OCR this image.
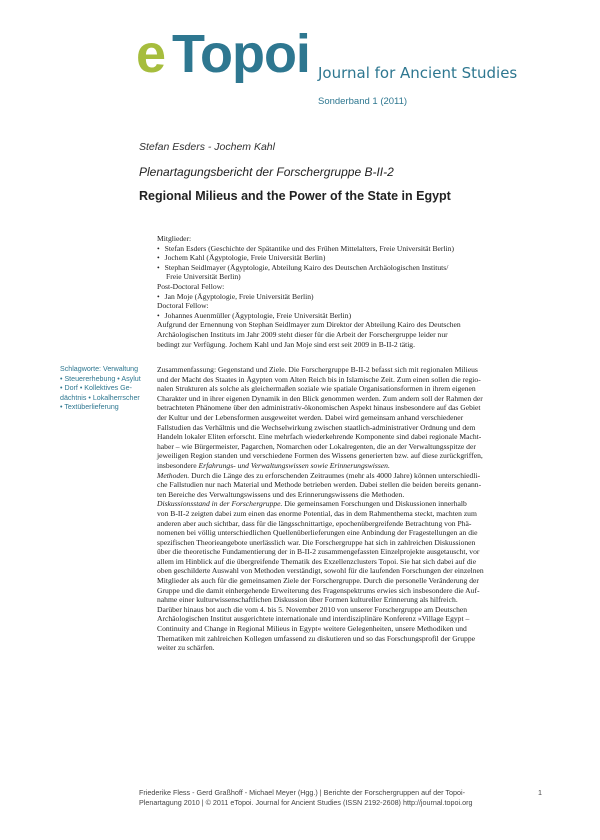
e Topoi Journal for Ancient Studies
Sonderband 1 (2011)
Stefan Esders - Jochem Kahl
Plenartagungsbericht der Forschergruppe B-II-2
Regional Milieus and the Power of the State in Egypt
Mitglieder:
• Stefan Esders (Geschichte der Spätantike und des Frühen Mittelalters, Freie Universität Berlin)
• Jochem Kahl (Ägyptologie, Freie Universität Berlin)
• Stephan Seidlmayer (Ägyptologie, Abteilung Kairo des Deutschen Archäologischen Instituts/
Freie Universität Berlin)
Post-Doctoral Fellow:
• Jan Moje (Ägyptologie, Freie Universität Berlin)
Doctoral Fellow:
• Johannes Auenmüller (Ägyptologie, Freie Universität Berlin)
Aufgrund der Ernennung von Stephan Seidlmayer zum Direktor der Abteilung Kairo des Deutschen
Archäologischen Instituts im Jahr 2009 steht dieser für die Arbeit der Forschergruppe leider nur
bedingt zur Verfügung. Jochem Kahl und Jan Moje sind erst seit 2009 in B-II-2 tätig.
Schlagworte: Verwaltung
• Steuererhebung • Asylut
• Dorf • Kollektives Ge-
dächtnis • Lokalherrscher
• Textüberlieferung
Zusammenfassung: Gegenstand und Ziele. Die Forschergruppe B-II-2 befasst sich mit regionalen Milieus
und der Macht des Staates in Ägypten vom Alten Reich bis in Islamische Zeit. Zum einen sollen die regio-
nalen Strukturen als solche als gleichermaßen soziale wie spatiale Organisationsformen in ihrem eigenen
Charakter und in ihrer eigenen Dynamik in den Blick genommen werden. Zum andern soll der Rahmen der
betrachteten Phänomene über den administrativ-ökonomischen Aspekt hinaus insbesondere auf das Gebiet
der Kultur und der Lebensformen ausgeweitet werden. Dabei wird gemeinsam anhand verschiedener
Fallstudien das Verhältnis und die Wechselwirkung zwischen staatlich-administrativer Ordnung und dem
Handeln lokaler Eliten erforscht. Eine mehrfach wiederkehrende Komponente sind dabei regionale Macht-
haber – wie Bürgermeister, Pagarchen, Nomarchen oder Lokalregenten, die an der Verwaltungsspitze der
jeweiligen Region standen und verschiedene Formen des Wissens generierten bzw. auf diese zurückgriffen,
insbesondere Erfahrungs- und Verwaltungswissen sowie Erinnerungswissen.
Methoden. Durch die Länge des zu erforschenden Zeitraumes (mehr als 4000 Jahre) können unterschiedli-
che Fallstudien nur nach Material und Methode betrieben werden. Dabei stellen die beiden bereits genann-
ten Bereiche des Verwaltungswissens und des Erinnerungswissens die Methoden.
Diskussionsstand in der Forschergruppe. Die gemeinsamen Forschungen und Diskussionen innerhalb
von B-II-2 zeigten dabei zum einen das enorme Potential, das in dem Rahmenthema steckt, machten zum
anderen aber auch sichtbar, dass für die längsschnittartige, epochenübergreifende Betrachtung von Phä-
nomenen bei völlig unterschiedlichen Quellenüberlieferungen eine Anbindung der Fragestellungen an die
spezifischen Theorieangebote unerlässlich war. Die Forschergruppe hat sich in zahlreichen Diskussionen
über die theoretische Fundamentierung der in B-II-2 zusammengefassten Einzelprojekte ausgetauscht, vor
allem im Hinblick auf die übergreifende Thematik des Exzellenzclusters Topoi. Sie hat sich dabei auf die
oben geschilderte Auswahl von Methoden verständigt, sowohl für die laufenden Forschungen der einzelnen
Mitglieder als auch für die gemeinsamen Ziele der Forschergruppe. Durch die personelle Veränderung der
Gruppe und die damit einhergehende Erweiterung des Fragenspektrums erwies sich insbesondere die Auf-
nahme einer kulturwissenschaftlichen Diskussion über Formen kultureller Erinnerung als hilfreich.
Darüber hinaus bot auch die vom 4. bis 5. November 2010 von unserer Forschergruppe am Deutschen
Archäologischen Institut ausgerichtete internationale und interdisziplinäre Konferenz »Village Egypt –
Continuity and Change in Regional Milieus in Egypt« weitere Gelegenheiten, unsere Methodiken und
Thematiken mit zahlreichen Kollegen umfassend zu diskutieren und so das Forschungsprofil der Gruppe
weiter zu schärfen.
Friederike Fless - Gerd Graßhoff - Michael Meyer (Hgg.) | Berichte der Forschergruppen auf der Topoi-
Plenartagung 2010 | © 2011 eTopoi. Journal for Ancient Studies (ISSN 2192-2608) http://journal.topoi.org
1
